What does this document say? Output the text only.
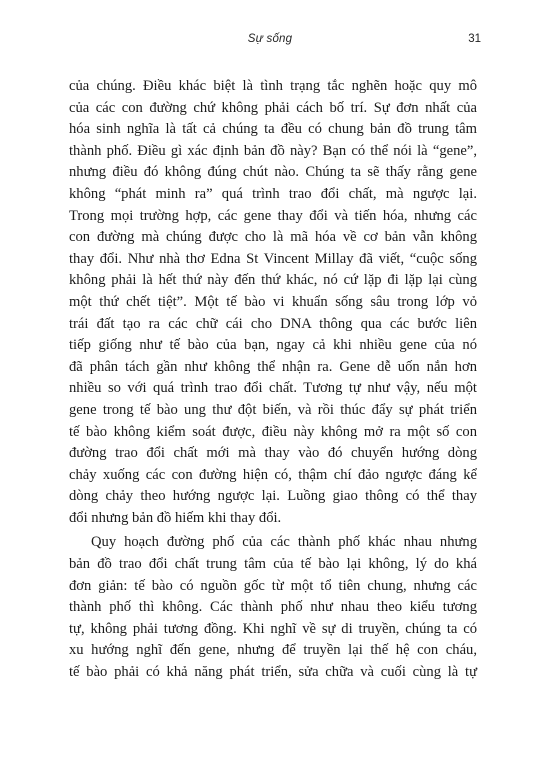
Sự sống	31
của chúng. Điều khác biệt là tình trạng tắc nghẽn hoặc quy mô
của các con đường chứ không phải cách bố trí. Sự đơn nhất của
hóa sinh nghĩa là tất cả chúng ta đều có chung bản đồ trung tâm
thành phố. Điều gì xác định bản đồ này? Bạn có thể nói là “gene”,
nhưng điều đó không đúng chút nào. Chúng ta sẽ thấy rằng gene
không “phát minh ra” quá trình trao đổi chất, mà ngược lại.
Trong mọi trường hợp, các gene thay đổi và tiến hóa, nhưng các
con đường mà chúng được cho là mã hóa về cơ bản vẫn không
thay đổi. Như nhà thơ Edna St Vincent Millay đã viết, “cuộc sống
không phải là hết thứ này đến thứ khác, nó cứ lặp đi lặp lại cùng
một thứ chết tiệt”. Một tế bào vi khuẩn sống sâu trong lớp vỏ
trái đất tạo ra các chữ cái cho DNA thông qua các bước liên
tiếp giống như tế bào của bạn, ngay cả khi nhiều gene của nó
đã phân tách gần như không thể nhận ra. Gene dễ uốn nắn hơn
nhiều so với quá trình trao đổi chất. Tương tự như vậy, nếu một
gene trong tế bào ung thư đột biến, và rồi thúc đẩy sự phát triển
tế bào không kiểm soát được, điều này không mở ra một số con
đường trao đổi chất mới mà thay vào đó chuyển hướng dòng
chảy xuống các con đường hiện có, thậm chí đảo ngược đáng kể
dòng chảy theo hướng ngược lại. Luồng giao thông có thể thay
đổi nhưng bản đồ hiếm khi thay đổi.
Quy hoạch đường phố của các thành phố khác nhau nhưng
bản đồ trao đổi chất trung tâm của tế bào lại không, lý do khá
đơn giản: tế bào có nguồn gốc từ một tổ tiên chung, nhưng các
thành phố thì không. Các thành phố như nhau theo kiểu tương
tự, không phải tương đồng. Khi nghĩ về sự di truyền, chúng ta có
xu hướng nghĩ đến gene, nhưng để truyền lại thế hệ con cháu,
tế bào phải có khả năng phát triển, sửa chữa và cuối cùng là tự
